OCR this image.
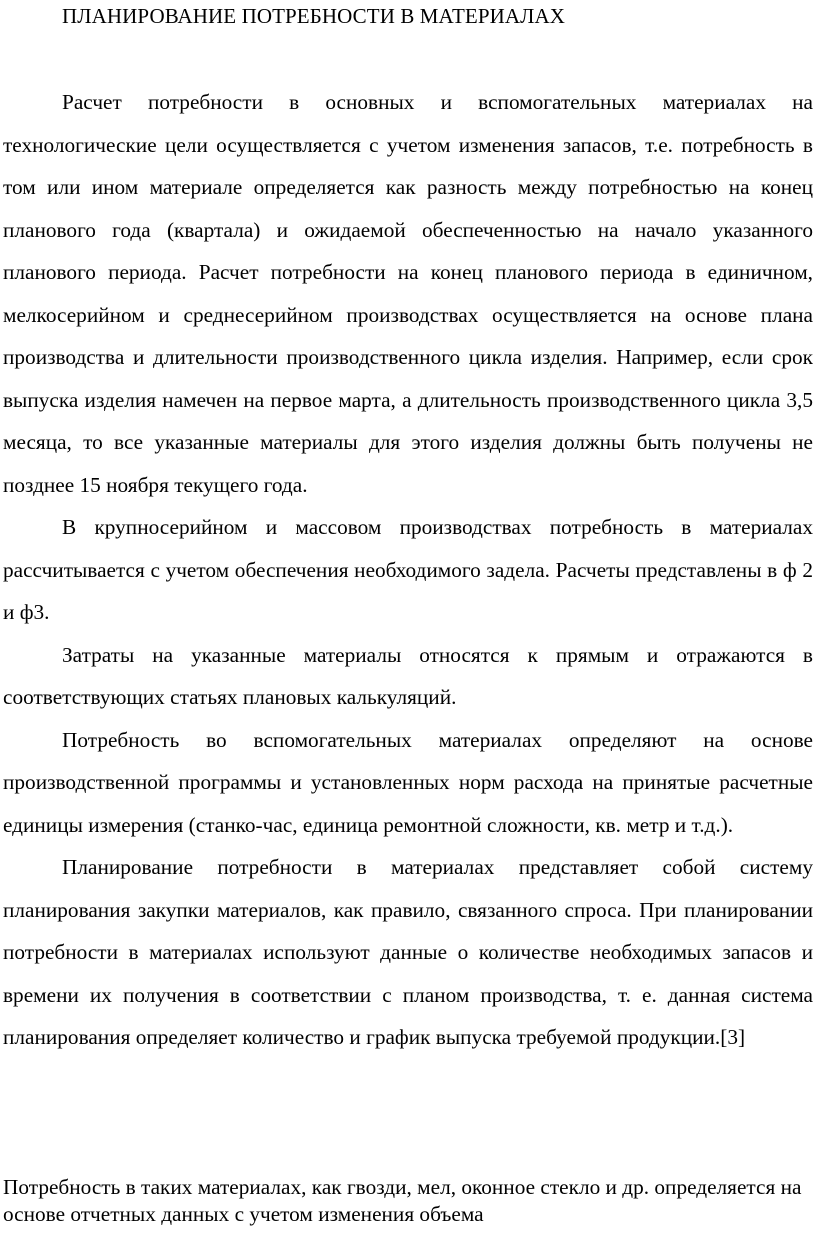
ПЛАНИРОВАНИЕ ПОТРЕБНОСТИ В МАТЕРИАЛАХ

Расчет потребности в основных и вспомогательных материалах на технологические цели осуществляется с учетом изменения запасов, т.е. потребность в том или ином материале определяется как разность между потребностью на конец планового года (квартала) и ожидаемой обеспеченностью на начало указанного планового периода. Расчет потребности на конец планового периода в единичном, мелкосерийном и среднесерийном производствах осуществляется на основе плана производства и длительности производственного цикла изделия. Например, если срок выпуска изделия намечен на первое марта, а длительность производственного цикла 3,5 месяца, то все указанные материалы для этого изделия должны быть получены не позднее 15 ноября текущего года.

В крупносерийном и массовом производствах потребность в материалах рассчитывается с учетом обеспечения необходимого задела. Расчеты представлены в ф 2 и ф3.

Затраты на указанные материалы относятся к прямым и отражаются в соответствующих статьях плановых калькуляций.

Потребность во вспомогательных материалах определяют на основе производственной программы и установленных норм расхода на принятые расчетные единицы измерения (станко-час, единица ремонтной сложности, кв. метр и т.д.).

Планирование потребности в материалах представляет собой систему планирования закупки материалов, как правило, связанного спроса. При планировании потребности в материалах используют данные о количестве необходимых запасов и времени их получения в соответствии с планом производства, т. е. данная система планирования определяет количество и график выпуска требуемой продукции.[3]

Потребность в таких материалах, как гвозди, мел, оконное стекло и др. определяется на основе отчетных данных с учетом изменения объема
